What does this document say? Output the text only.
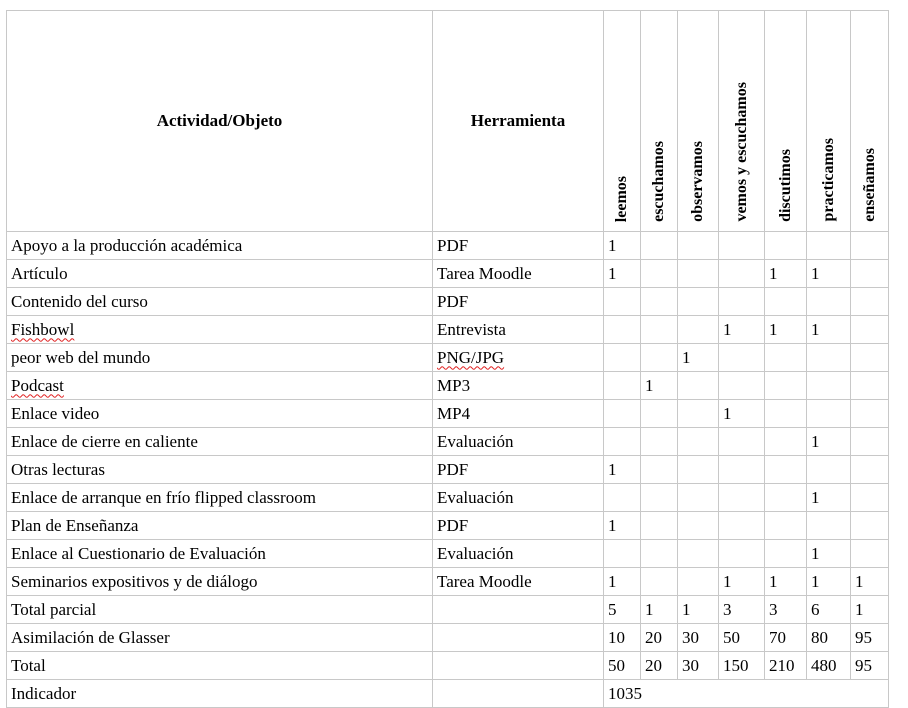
Actividad/Objeto	Herramienta	leemos	escuchamos	observamos	vemos y escuchamos	discutimos	practicamos	enseñamos
Apoyo a la producción académica	PDF	1						
Artículo	Tarea Moodle	1				1	1	
Contenido del curso	PDF							
Fishbowl	Entrevista				1	1	1	
peor web del mundo	PNG/JPG			1				
Podcast	MP3		1					
Enlace video	MP4				1			
Enlace de cierre en caliente	Evaluación						1	
Otras lecturas	PDF	1						
Enlace de arranque en frío flipped classroom	Evaluación						1	
Plan de Enseñanza	PDF	1						
Enlace al Cuestionario de Evaluación	Evaluación						1	
Seminarios expositivos y de diálogo	Tarea Moodle	1			1	1	1	1
Total parcial		5	1	1	3	3	6	1
Asimilación de Glasser		10	20	30	50	70	80	95
Total		50	20	30	150	210	480	95
Indicador		1035						
